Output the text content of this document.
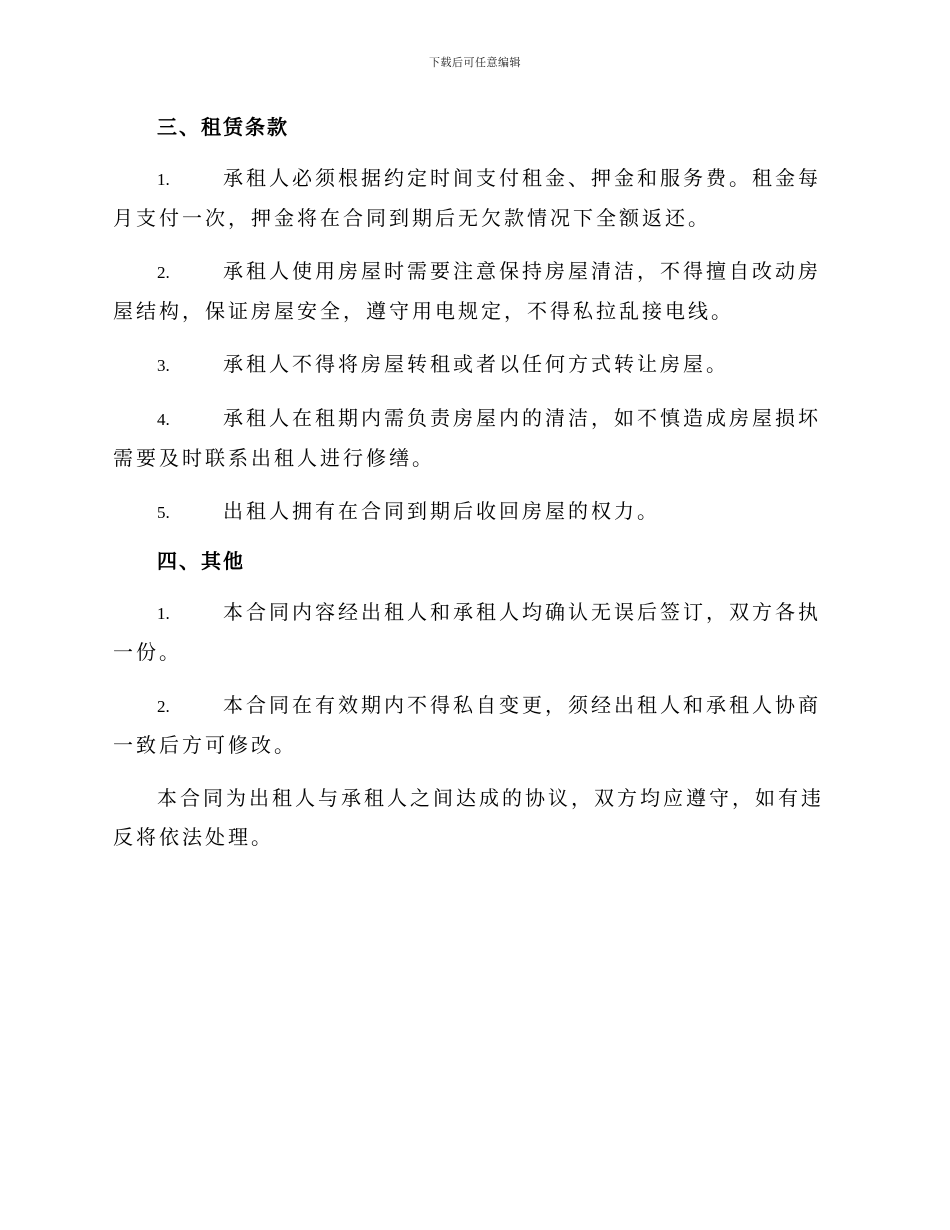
下载后可任意编辑
三、租赁条款
1.	承租人必须根据约定时间支付租金、押金和服务费。租金每月支付一次，押金将在合同到期后无欠款情况下全额返还。
2.	承租人使用房屋时需要注意保持房屋清洁，不得擅自改动房屋结构，保证房屋安全，遵守用电规定，不得私拉乱接电线。
3.	承租人不得将房屋转租或者以任何方式转让房屋。
4.	承租人在租期内需负责房屋内的清洁，如不慎造成房屋损坏需要及时联系出租人进行修缮。
5.	出租人拥有在合同到期后收回房屋的权力。
四、其他
1.	本合同内容经出租人和承租人均确认无误后签订，双方各执一份。
2.	本合同在有效期内不得私自变更，须经出租人和承租人协商一致后方可修改。
本合同为出租人与承租人之间达成的协议，双方均应遵守，如有违反将依法处理。
